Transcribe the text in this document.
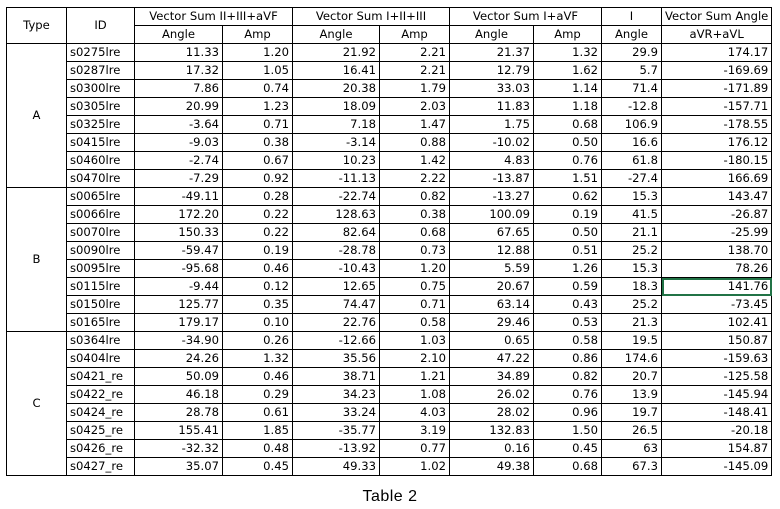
Type	ID	Vector Sum II+III+aVF		Vector Sum I+II+III		Vector Sum I+aVF		I	Vector Sum Angle
		Angle	Amp	Angle	Amp	Angle	Amp	Angle	aVR+aVL
A	s0275lre	11.33	1.20	21.92	2.21	21.37	1.32	29.9	174.17
	s0287lre	17.32	1.05	16.41	2.21	12.79	1.62	5.7	-169.69
	s0300lre	7.86	0.74	20.38	1.79	33.03	1.14	71.4	-171.89
	s0305lre	20.99	1.23	18.09	2.03	11.83	1.18	-12.8	-157.71
	s0325lre	-3.64	0.71	7.18	1.47	1.75	0.68	106.9	-178.55
	s0415lre	-9.03	0.38	-3.14	0.88	-10.02	0.50	16.6	176.12
	s0460lre	-2.74	0.67	10.23	1.42	4.83	0.76	61.8	-180.15
	s0470lre	-7.29	0.92	-11.13	2.22	-13.87	1.51	-27.4	166.69
B	s0065lre	-49.11	0.28	-22.74	0.82	-13.27	0.62	15.3	143.47
	s0066lre	172.20	0.22	128.63	0.38	100.09	0.19	41.5	-26.87
	s0070lre	150.33	0.22	82.64	0.68	67.65	0.50	21.1	-25.99
	s0090lre	-59.47	0.19	-28.78	0.73	12.88	0.51	25.2	138.70
	s0095lre	-95.68	0.46	-10.43	1.20	5.59	1.26	15.3	78.26
	s0115lre	-9.44	0.12	12.65	0.75	20.67	0.59	18.3	141.76
	s0150lre	125.77	0.35	74.47	0.71	63.14	0.43	25.2	-73.45
	s0165lre	179.17	0.10	22.76	0.58	29.46	0.53	21.3	102.41
C	s0364lre	-34.90	0.26	-12.66	1.03	0.65	0.58	19.5	150.87
	s0404lre	24.26	1.32	35.56	2.10	47.22	0.86	174.6	-159.63
	s0421_re	50.09	0.46	38.71	1.21	34.89	0.82	20.7	-125.58
	s0422_re	46.18	0.29	34.23	1.08	26.02	0.76	13.9	-145.94
	s0424_re	28.78	0.61	33.24	4.03	28.02	0.96	19.7	-148.41
	s0425_re	155.41	1.85	-35.77	3.19	132.83	1.50	26.5	-20.18
	s0426_re	-32.32	0.48	-13.92	0.77	0.16	0.45	63	154.87
	s0427_re	35.07	0.45	49.33	1.02	49.38	0.68	67.3	-145.09
Table 2
